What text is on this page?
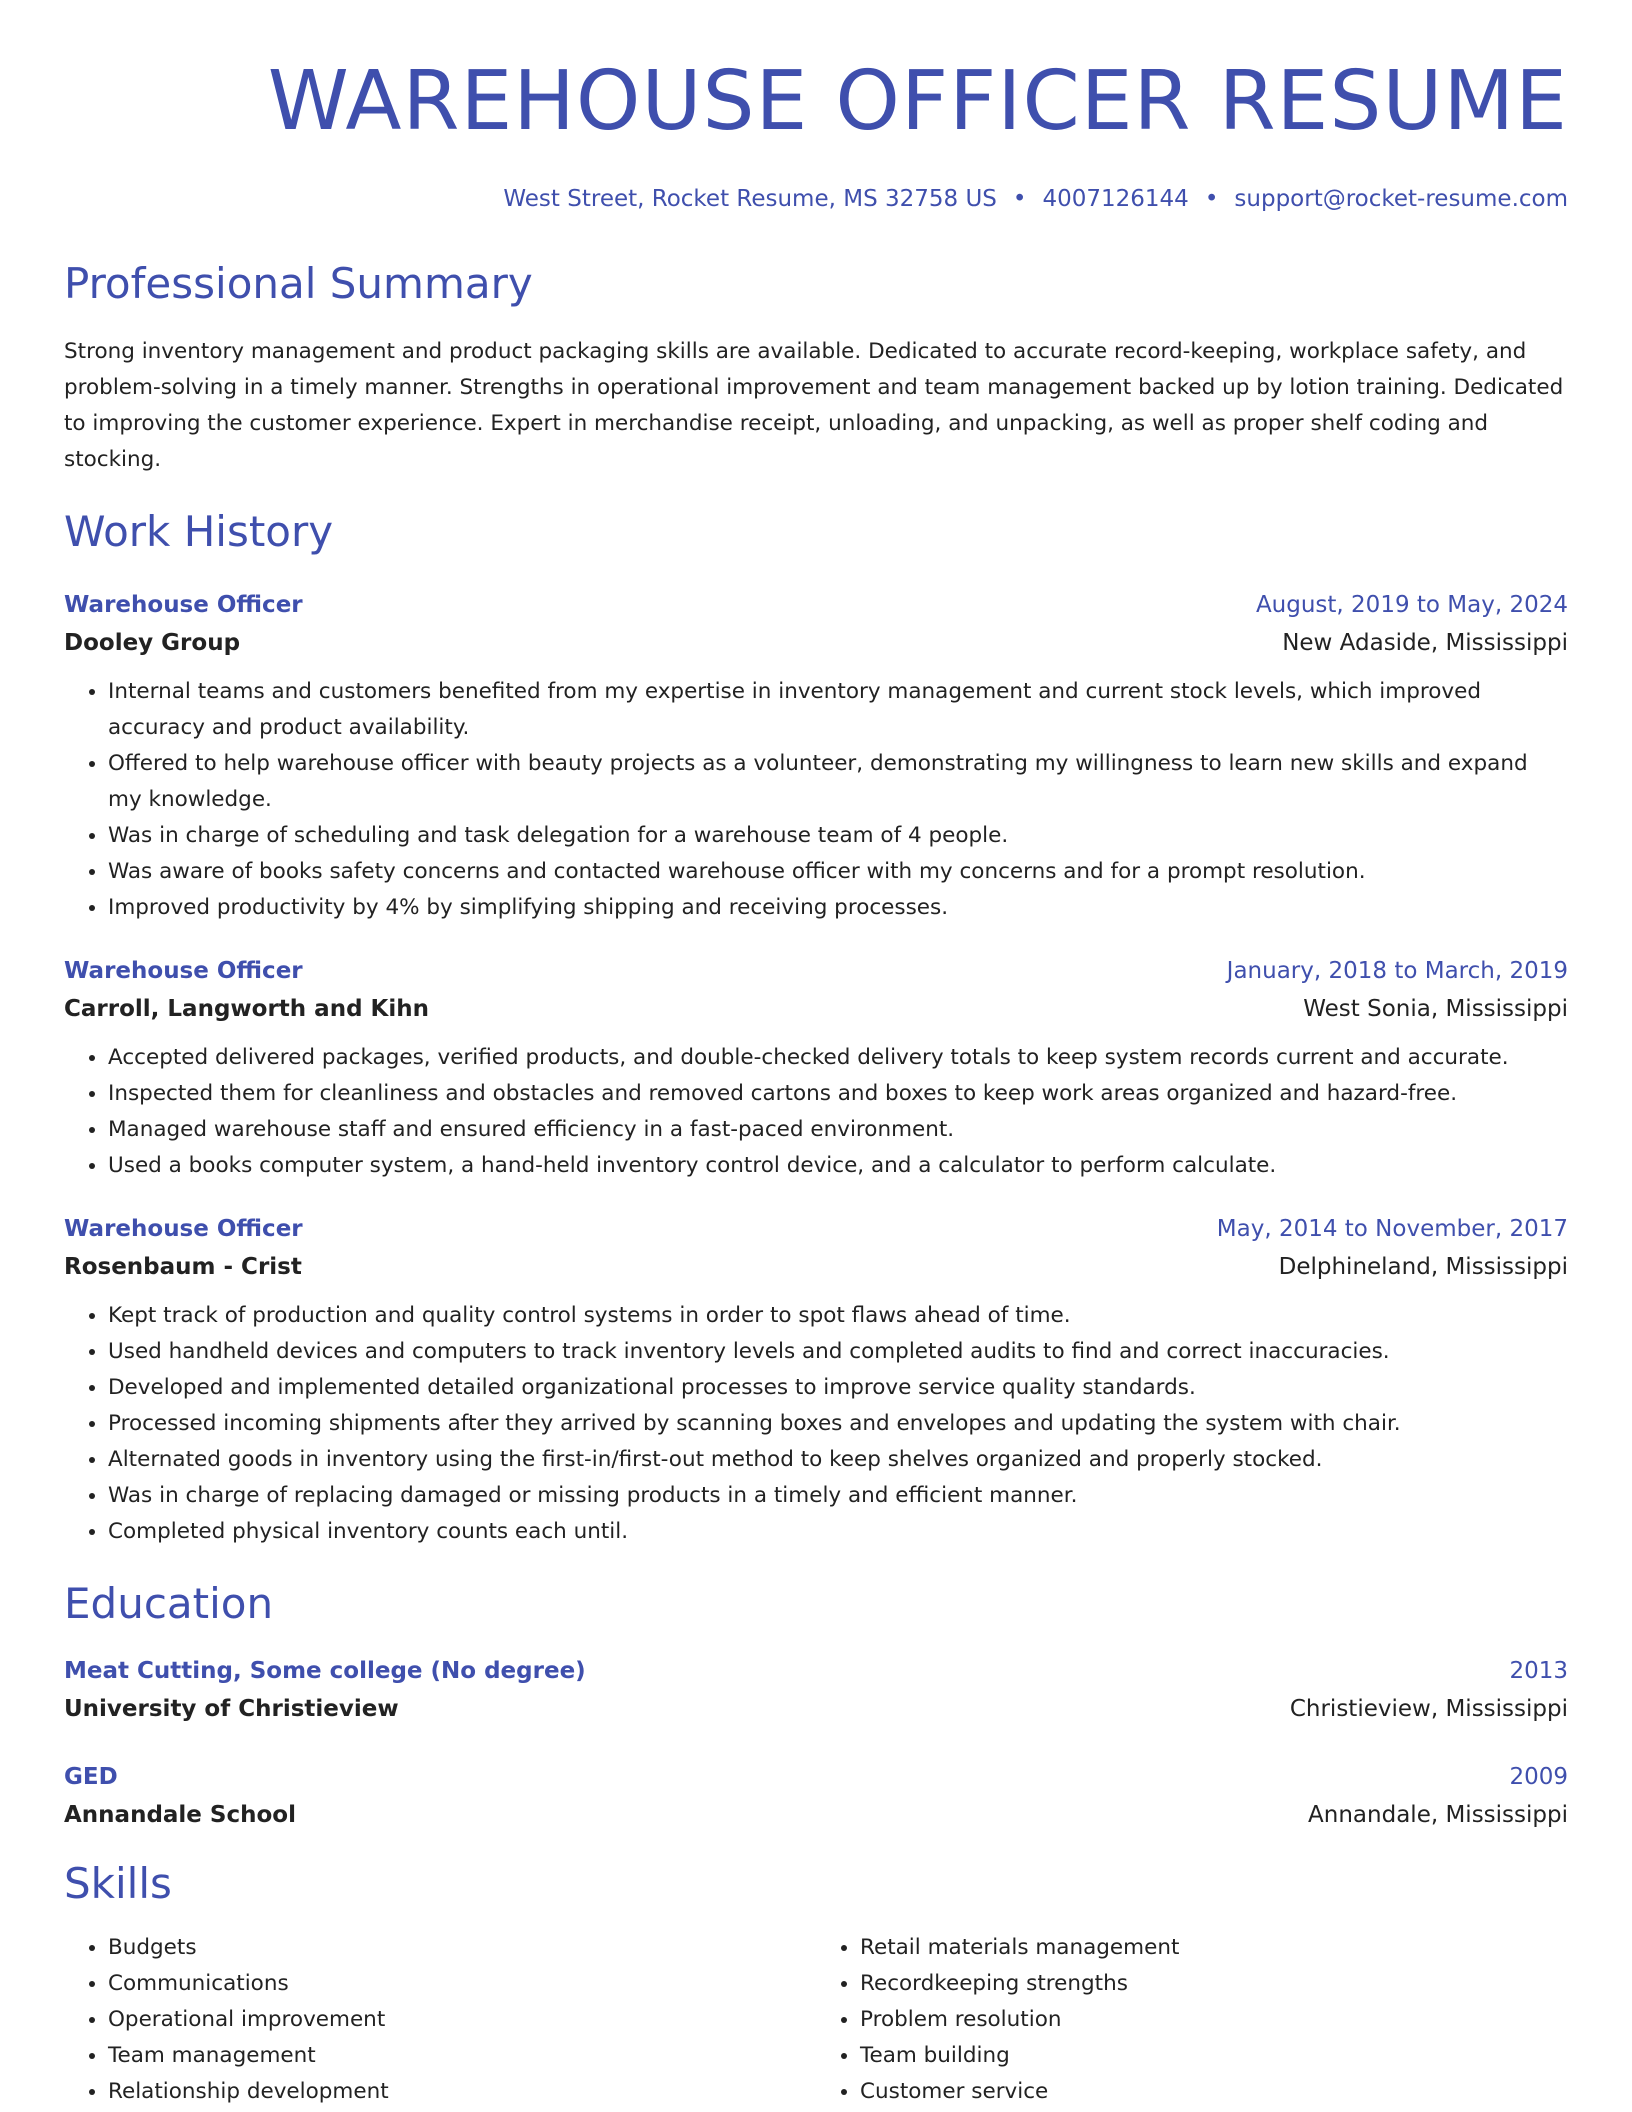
WAREHOUSE OFFICER RESUME
West Street, Rocket Resume, MS 32758 US • 4007126144 • support@rocket-resume.com
Professional Summary

Strong inventory management and product packaging skills are available. Dedicated to accurate record-keeping, workplace safety, and problem-solving in a timely manner. Strengths in operational improvement and team management backed up by lotion training. Dedicated to improving the customer experience. Expert in merchandise receipt, unloading, and unpacking, as well as proper shelf coding and stocking.

Work History
Warehouse Officer	August, 2019 to May, 2024
Dooley Group	New Adaside, Mississippi
• Internal teams and customers benefited from my expertise in inventory management and current stock levels, which improved accuracy and product availability.
• Offered to help warehouse officer with beauty projects as a volunteer, demonstrating my willingness to learn new skills and expand my knowledge.
• Was in charge of scheduling and task delegation for a warehouse team of 4 people.
• Was aware of books safety concerns and contacted warehouse officer with my concerns and for a prompt resolution.
• Improved productivity by 4% by simplifying shipping and receiving processes.
Warehouse Officer	January, 2018 to March, 2019
Carroll, Langworth and Kihn	West Sonia, Mississippi
• Accepted delivered packages, verified products, and double-checked delivery totals to keep system records current and accurate.
• Inspected them for cleanliness and obstacles and removed cartons and boxes to keep work areas organized and hazard-free.
• Managed warehouse staff and ensured efficiency in a fast-paced environment.
• Used a books computer system, a hand-held inventory control device, and a calculator to perform calculate.
Warehouse Officer	May, 2014 to November, 2017
Rosenbaum - Crist	Delphineland, Mississippi
• Kept track of production and quality control systems in order to spot flaws ahead of time.
• Used handheld devices and computers to track inventory levels and completed audits to find and correct inaccuracies.
• Developed and implemented detailed organizational processes to improve service quality standards.
• Processed incoming shipments after they arrived by scanning boxes and envelopes and updating the system with chair.
• Alternated goods in inventory using the first-in/first-out method to keep shelves organized and properly stocked.
• Was in charge of replacing damaged or missing products in a timely and efficient manner.
• Completed physical inventory counts each until.
Education
Meat Cutting, Some college (No degree)	2013
University of Christieview	Christieview, Mississippi
GED	2009
Annandale School	Annandale, Mississippi
Skills
• Budgets
• Communications
• Operational improvement
• Team management
• Relationship development
• Retail materials management
• Recordkeeping strengths
• Problem resolution
• Team building
• Customer service
